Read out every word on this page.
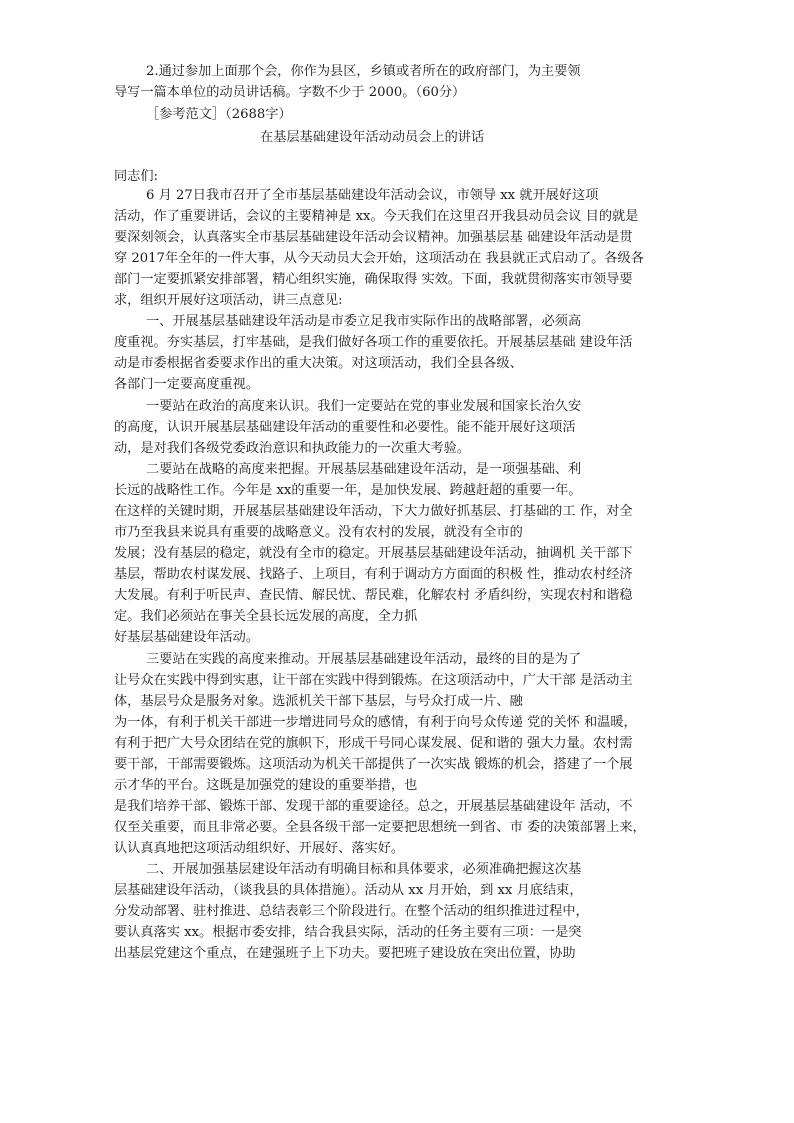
2.通过参加上面那个会，你作为县区，乡镇或者所在的政府部门，为主要领
导写一篇本单位的动员讲话稿。字数不少于 2000。（60分）
［参考范文］（2688字）
在基层基础建设年活动动员会上的讲话
同志们:
6 月 27日我市召开了全市基层基础建设年活动会议，市领导 xx 就开展好这项
活动，作了重要讲话，会议的主要精神是 xx。今天我们在这里召开我县动员会议 目的就是
要深刻领会，认真落实全市基层基础建设年活动会议精神。加强基层基 础建设年活动是贯
穿 2017年全年的一件大事，从今天动员大会开始，这项活动在 我县就正式启动了。各级各
部门一定要抓紧安排部署，精心组织实施，确保取得 实效。下面，我就贯彻落实市领导要
求，组织开展好这项活动，讲三点意见:
一、开展基层基础建设年活动是市委立足我市实际作出的战略部署，必须高
度重视。夯实基层，打牢基础，是我们做好各项工作的重要依托。开展基层基础 建设年活
动是市委根据省委要求作出的重大决策。对这项活动，我们全县各级、
各部门一定要高度重视。
一要站在政治的高度来认识。我们一定要站在党的事业发展和国家长治久安
的高度，认识开展基层基础建设年活动的重要性和必要性。能不能开展好这项活
动，是对我们各级党委政治意识和执政能力的一次重大考验。
二要站在战略的高度来把握。开展基层基础建设年活动，是一项强基础、利
长远的战略性工作。今年是 xx的重要一年，是加快发展、跨越赶超的重要一年。
在这样的关键时期，开展基层基础建设年活动，下大力做好抓基层、打基础的工 作，对全
市乃至我县来说具有重要的战略意义。没有农村的发展，就没有全市的
发展；没有基层的稳定，就没有全市的稳定。开展基层基础建设年活动，抽调机 关干部下
基层，帮助农村谋发展、找路子、上项目，有利于调动方方面面的积极 性，推动农村经济
大发展。有利于听民声、查民情、解民忧、帮民难，化解农村 矛盾纠纷，实现农村和谐稳
定。我们必须站在事关全县长远发展的高度，全力抓
好基层基础建设年活动。
三要站在实践的高度来推动。开展基层基础建设年活动，最终的目的是为了
让号众在实践中得到实惠，让干部在实践中得到锻炼。在这项活动中，广大干部 是活动主
体，基层号众是服务对象。选派机关干部下基层，与号众打成一片、融
为一体，有利于机关干部进一步增进同号众的感情，有利于向号众传递 党的关怀 和温暖，
有利于把广大号众团结在党的旗帜下，形成干号同心谋发展、促和谐的 强大力量。农村需
要干部，干部需要锻炼。这项活动为机关干部提供了一次实战 锻炼的机会，搭建了一个展
示才华的平台。这既是加强党的建设的重要举措，也
是我们培养干部、锻炼干部、发现干部的重要途径。总之，开展基层基础建设年 活动，不
仅至关重要，而且非常必要。全县各级干部一定要把思想统一到省、市 委的决策部署上来，
认认真真地把这项活动组织好、开展好、落实好。
二、开展加强基层建设年活动有明确目标和具体要求，必须准确把握这次基
层基础建设年活动，（谈我县的具体措施）。活动从 xx 月开始，到 xx 月底结束，
分发动部署、驻村推进、总结表彰三个阶段进行。在整个活动的组织推进过程中，
要认真落实 xx。根据市委安排，结合我县实际，活动的任务主要有三项：一是突
出基层党建这个重点，在建强班子上下功夫。要把班子建设放在突出位置，协助
